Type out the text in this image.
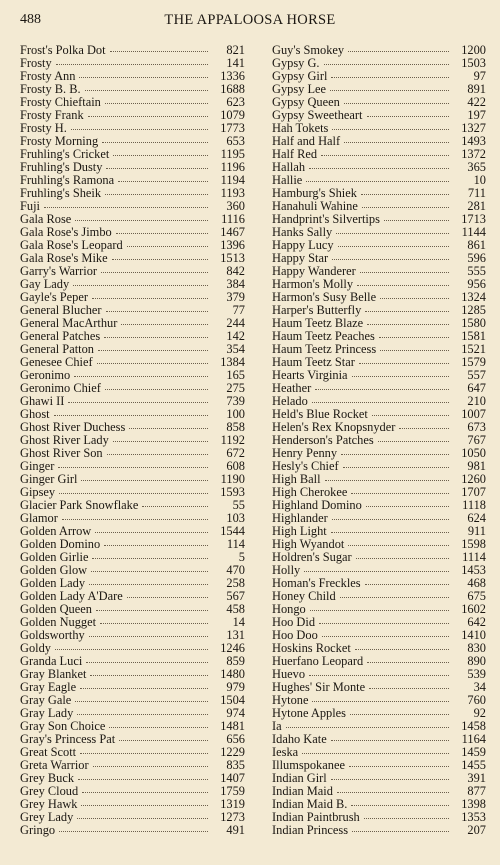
488	THE APPALOOSA HORSE
Frost's Polka Dot	821
Frosty	141
Frosty Ann	1336
Frosty B. B.	1688
Frosty Chieftain	623
Frosty Frank	1079
Frosty H.	1773
Frosty Morning	653
Fruhling's Cricket	1195
Fruhling's Dusty	1196
Fruhling's Ramona	1194
Fruhling's Sheik	1193
Fuji	360
Gala Rose	1116
Gala Rose's Jimbo	1467
Gala Rose's Leopard	1396
Gala Rose's Mike	1513
Garry's Warrior	842
Gay Lady	384
Gayle's Peper	379
General Blucher	77
General MacArthur	244
General Patches	142
General Patton	354
Genesee Chief	1384
Geronimo	165
Geronimo Chief	275
Ghawi II	739
Ghost	100
Ghost River Duchess	858
Ghost River Lady	1192
Ghost River Son	672
Ginger	608
Ginger Girl	1190
Gipsey	1593
Glacier Park Snowflake	55
Glamor	103
Golden Arrow	1544
Golden Domino	114
Golden Girlie	5
Golden Glow	470
Golden Lady	258
Golden Lady A'Dare	567
Golden Queen	458
Golden Nugget	14
Goldsworthy	131
Goldy	1246
Granda Luci	859
Gray Blanket	1480
Gray Eagle	979
Gray Gale	1504
Gray Lady	974
Gray Son Choice	1481
Gray's Princess Pat	656
Great Scott	1229
Greta Warrior	835
Grey Buck	1407
Grey Cloud	1759
Grey Hawk	1319
Grey Lady	1273
Gringo	491
Guy's Smokey	1200
Gypsy G.	1503
Gypsy Girl	97
Gypsy Lee	891
Gypsy Queen	422
Gypsy Sweetheart	197
Hah Tokets	1327
Half and Half	1493
Half Red	1372
Hallah	365
Hallie	10
Hamburg's Shiek	711
Hanahuli Wahine	281
Handprint's Silvertips	1713
Hanks Sally	1144
Happy Lucy	861
Happy Star	596
Happy Wanderer	555
Harmon's Molly	956
Harmon's Susy Belle	1324
Harper's Butterfly	1285
Haum Teetz Blaze	1580
Haum Teetz Peaches	1581
Haum Teetz Princess	1521
Haum Teetz Star	1579
Hearts Virginia	557
Heather	647
Helado	210
Held's Blue Rocket	1007
Helen's Rex Knopsnyder	673
Henderson's Patches	767
Henry Penny	1050
Hesly's Chief	981
High Ball	1260
High Cherokee	1707
Highland Domino	1118
Highlander	624
High Light	911
High Wyandot	1598
Holdren's Sugar	1114
Holly	1453
Homan's Freckles	468
Honey Child	675
Hongo	1602
Hoo Did	642
Hoo Doo	1410
Hoskins Rocket	830
Huerfano Leopard	890
Huevo	539
Hughes' Sir Monte	34
Hytone	760
Hytone Apples	92
Ia	1458
Idaho Kate	1164
Ieska	1459
Illumspokanee	1455
Indian Girl	391
Indian Maid	877
Indian Maid B.	1398
Indian Paintbrush	1353
Indian Princess	207
